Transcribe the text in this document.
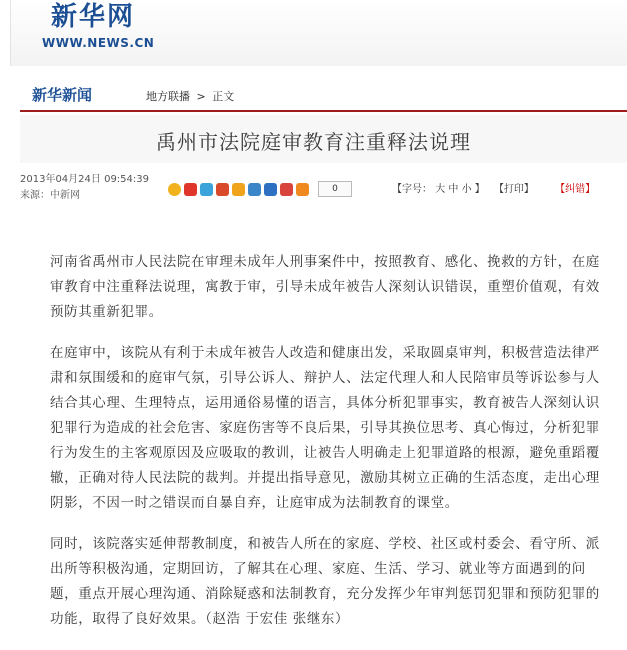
新华网
WWW.NEWS.CN
新华新闻	地方联播 > 正文
禹州市法院庭审教育注重释法说理
2013年04月24日 09:54:39
来源：中新网
0	【字号： 大 中 小 】 【打印】 【纠错】

河南省禹州市人民法院在审理未成年人刑事案件中，按照教育、感化、挽救的方针，在庭审教育中注重释法说理，寓教于审，引导未成年被告人深刻认识错误，重塑价值观，有效预防其重新犯罪。

在庭审中，该院从有利于未成年被告人改造和健康出发，采取圆桌审判，积极营造法律严肃和氛围缓和的庭审气氛，引导公诉人、辩护人、法定代理人和人民陪审员等诉讼参与人结合其心理、生理特点，运用通俗易懂的语言，具体分析犯罪事实，教育被告人深刻认识犯罪行为造成的社会危害、家庭伤害等不良后果，引导其换位思考、真心悔过，分析犯罪行为发生的主客观原因及应吸取的教训，让被告人明确走上犯罪道路的根源，避免重蹈覆辙，正确对待人民法院的裁判。并提出指导意见，激励其树立正确的生活态度，走出心理阴影，不因一时之错误而自暴自弃，让庭审成为法制教育的课堂。

同时，该院落实延伸帮教制度，和被告人所在的家庭、学校、社区或村委会、看守所、派出所等积极沟通，定期回访，了解其在心理、家庭、生活、学习、就业等方面遇到的问题，重点开展心理沟通、消除疑惑和法制教育，充分发挥少年审判惩罚犯罪和预防犯罪的功能，取得了良好效果。（赵浩 于宏佳 张继东）
